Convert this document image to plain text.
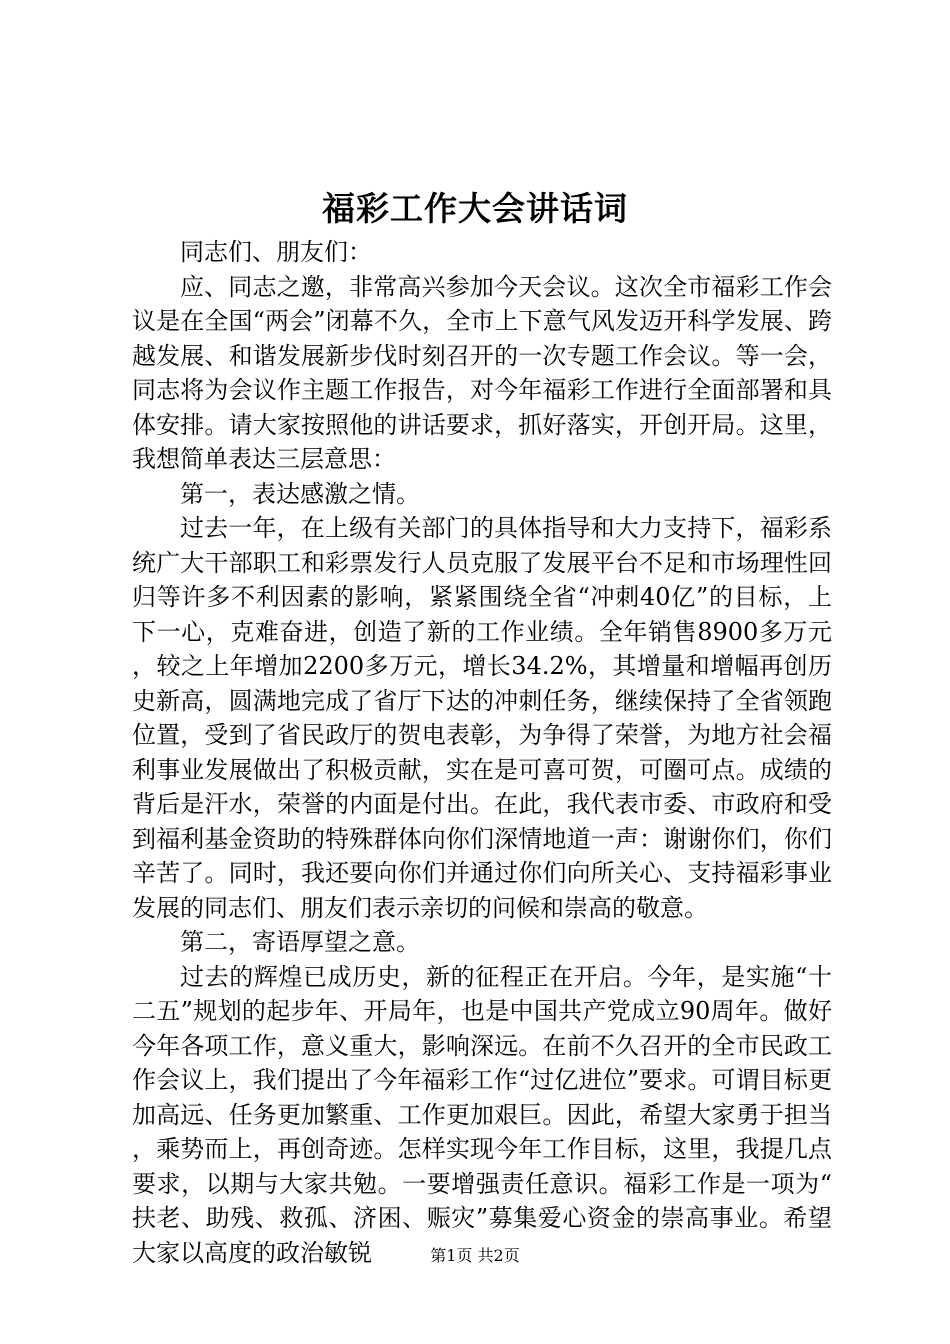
福彩工作大会讲话词

同志们、朋友们：

应、同志之邀，非常高兴参加今天会议。这次全市福彩工作会议是在全国“两会”闭幕不久，全市上下意气风发迈开科学发展、跨越发展、和谐发展新步伐时刻召开的一次专题工作会议。等一会，同志将为会议作主题工作报告，对今年福彩工作进行全面部署和具体安排。请大家按照他的讲话要求，抓好落实，开创开局。这里，我想简单表达三层意思：

第一，表达感激之情。

过去一年，在上级有关部门的具体指导和大力支持下，福彩系统广大干部职工和彩票发行人员克服了发展平台不足和市场理性回归等许多不利因素的影响，紧紧围绕全省“冲刺40亿”的目标，上下一心，克难奋进，创造了新的工作业绩。全年销售8900多万元，较之上年增加2200多万元，增长34.2%，其增量和增幅再创历史新高，圆满地完成了省厅下达的冲刺任务，继续保持了全省领跑位置，受到了省民政厅的贺电表彰，为争得了荣誉，为地方社会福利事业发展做出了积极贡献，实在是可喜可贺，可圈可点。成绩的背后是汗水，荣誉的内面是付出。在此，我代表市委、市政府和受到福利基金资助的特殊群体向你们深情地道一声：谢谢你们，你们辛苦了。同时，我还要向你们并通过你们向所关心、支持福彩事业发展的同志们、朋友们表示亲切的问候和崇高的敬意。

第二，寄语厚望之意。

过去的辉煌已成历史，新的征程正在开启。今年，是实施“十二五”规划的起步年、开局年，也是中国共产党成立90周年。做好今年各项工作，意义重大，影响深远。在前不久召开的全市民政工作会议上，我们提出了今年福彩工作“过亿进位”要求。可谓目标更加高远、任务更加繁重、工作更加艰巨。因此，希望大家勇于担当，乘势而上，再创奇迹。怎样实现今年工作目标，这里，我提几点要求，以期与大家共勉。一要增强责任意识。福彩工作是一项为“扶老、助残、救孤、济困、赈灾”募集爱心资金的崇高事业。希望大家以高度的政治敏锐	第1页 共2页
